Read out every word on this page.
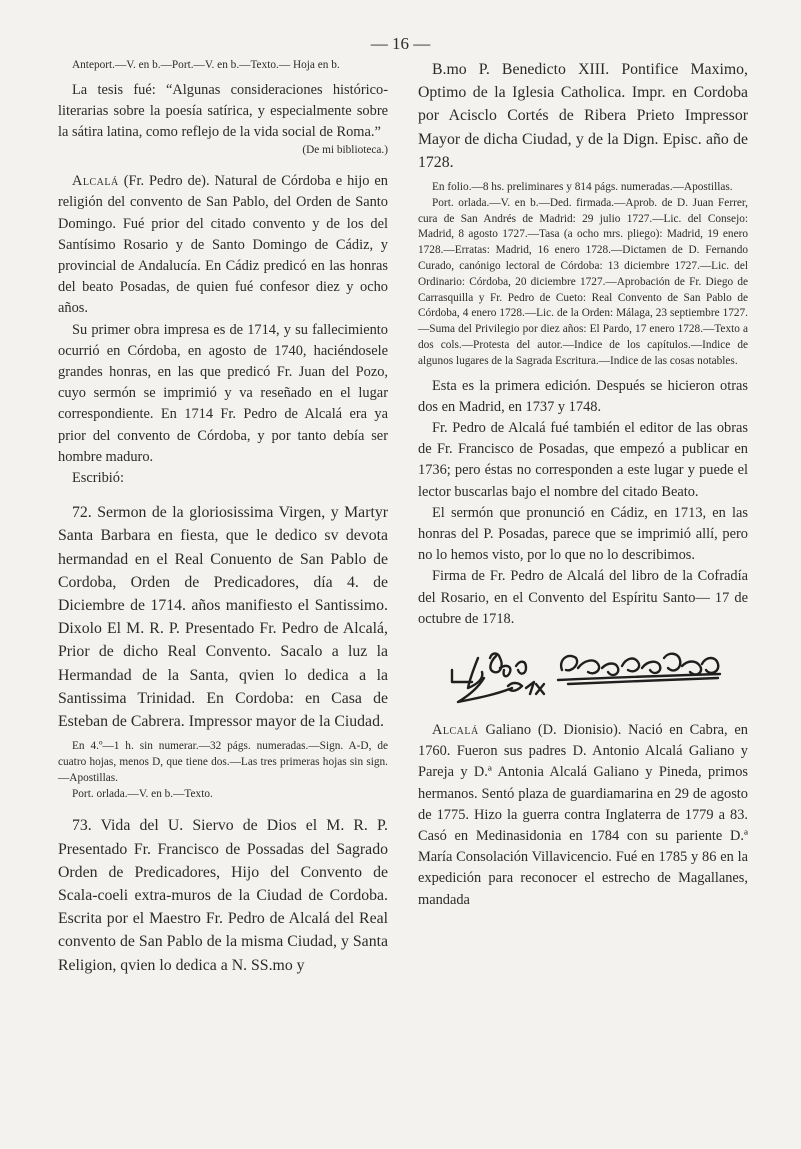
— 16 —

Anteport.—V. en b.—Port.—V. en b.—Texto.— Hoja en b.

La tesis fué: “Algunas consideraciones histórico-literarias sobre la poesía satírica, y especialmente sobre la sátira latina, como reflejo de la vida social de Roma.”

(De mi biblioteca.)

Alcalá (Fr. Pedro de). Natural de Córdoba e hijo en religión del convento de San Pablo, del Orden de Santo Domingo. Fué prior del citado convento y de los del Santísimo Rosario y de Santo Domingo de Cádiz, y provincial de Andalucía. En Cádiz predicó en las honras del beato Posadas, de quien fué confesor diez y ocho años.

Su primer obra impresa es de 1714, y su fallecimiento ocurrió en Córdoba, en agosto de 1740, haciéndosele grandes honras, en las que predicó Fr. Juan del Pozo, cuyo sermón se imprimió y va reseñado en el lugar correspondiente. En 1714 Fr. Pedro de Alcalá era ya prior del convento de Córdoba, y por tanto debía ser hombre maduro.

Escribió:

72. Sermon de la gloriosissima Virgen, y Martyr Santa Barbara en fiesta, que le dedico sv devota hermandad en el Real Conuento de San Pablo de Cordoba, Orden de Predicadores, día 4. de Diciembre de 1714. años manifiesto el Santissimo. Dixolo El M. R. P. Presentado Fr. Pedro de Alcalá, Prior de dicho Real Convento. Sacalo a luz la Hermandad de la Santa, qvien lo dedica a la Santissima Trinidad. En Cordoba: en Casa de Esteban de Cabrera. Impressor mayor de la Ciudad.

En 4.º—1 h. sin numerar.—32 págs. numeradas.—Sign. A-D, de cuatro hojas, menos D, que tiene dos.—Las tres primeras hojas sin sign.—Apostillas.

Port. orlada.—V. en b.—Texto.

73. Vida del U. Siervo de Dios el M. R. P. Presentado Fr. Francisco de Possadas del Sagrado Orden de Predicadores, Hijo del Convento de Scala-coeli extra-muros de la Ciudad de Cordoba. Escrita por el Maestro Fr. Pedro de Alcalá del Real convento de San Pablo de la misma Ciudad, y Santa Religion, qvien lo dedica a N. SS.mo y

B.mo P. Benedicto XIII. Pontifice Maximo, Optimo de la Iglesia Catholica. Impr. en Cordoba por Acisclo Cortés de Ribera Prieto Impressor Mayor de dicha Ciudad, y de la Dign. Episc. año de 1728.

En folio.—8 hs. preliminares y 814 págs. numeradas.—Apostillas.

Port. orlada.—V. en b.—Ded. firmada.—Aprob. de D. Juan Ferrer, cura de San Andrés de Madrid: 29 julio 1727.—Lic. del Consejo: Madrid, 8 agosto 1727.—Tasa (a ocho mrs. pliego): Madrid, 19 enero 1728.—Erratas: Madrid, 16 enero 1728.—Dictamen de D. Fernando Curado, canónigo lectoral de Córdoba: 13 diciembre 1727.—Lic. del Ordinario: Córdoba, 20 diciembre 1727.—Aprobación de Fr. Diego de Carrasquilla y Fr. Pedro de Cueto: Real Convento de San Pablo de Córdoba, 4 enero 1728.—Lic. de la Orden: Málaga, 23 septiembre 1727.—Suma del Privilegio por diez años: El Pardo, 17 enero 1728.—Texto a dos cols.—Protesta del autor.—Indice de los capítulos.—Indice de algunos lugares de la Sagrada Escritura.—Indice de las cosas notables.

Esta es la primera edición. Después se hicieron otras dos en Madrid, en 1737 y 1748.

Fr. Pedro de Alcalá fué también el editor de las obras de Fr. Francisco de Posadas, que empezó a publicar en 1736; pero éstas no corresponden a este lugar y puede el lector buscarlas bajo el nombre del citado Beato.

El sermón que pronunció en Cádiz, en 1713, en las honras del P. Posadas, parece que se imprimió allí, pero no lo hemos visto, por lo que no lo describimos.

Firma de Fr. Pedro de Alcalá del libro de la Cofradía del Rosario, en el Convento del Espíritu Santo— 17 de octubre de 1718.

Alcalá Galiano (D. Dionisio). Nació en Cabra, en 1760. Fueron sus padres D. Antonio Alcalá Galiano y Pareja y D.ª Antonia Alcalá Galiano y Pineda, primos hermanos. Sentó plaza de guardiamarina en 29 de agosto de 1775. Hizo la guerra contra Inglaterra de 1779 a 83. Casó en Medinasidonia en 1784 con su pariente D.ª María Consolación Villavicencio. Fué en 1785 y 86 en la expedición para reconocer el estrecho de Magallanes, mandada
